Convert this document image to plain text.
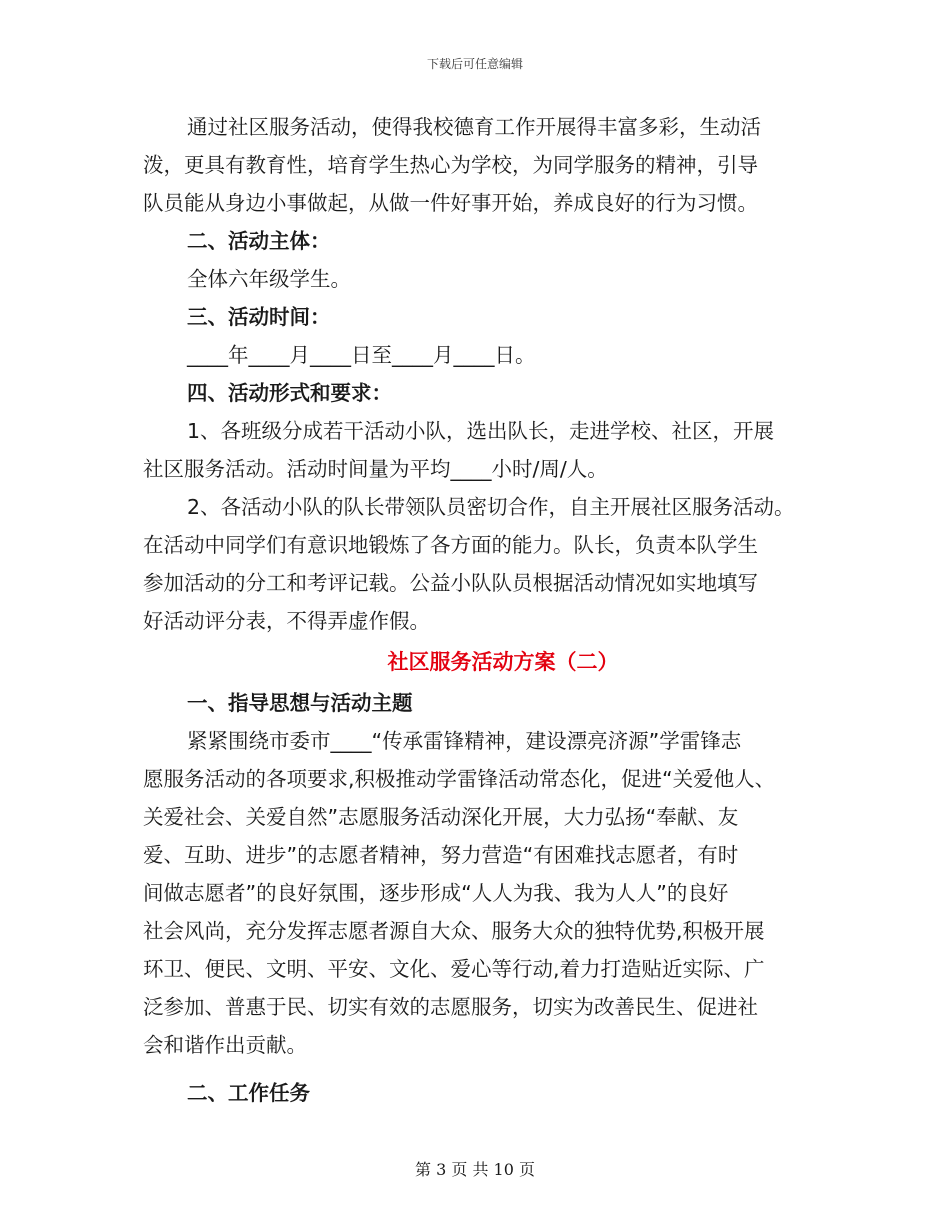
下载后可任意编辑
通过社区服务活动，使得我校德育工作开展得丰富多彩，生动活
泼，更具有教育性，培育学生热心为学校，为同学服务的精神，引导
队员能从身边小事做起，从做一件好事开始，养成良好的行为习惯。
二、活动主体：
全体六年级学生。
三、活动时间：
____年____月____日至____月____日。
四、活动形式和要求：
1、各班级分成若干活动小队，选出队长，走进学校、社区，开展
社区服务活动。活动时间量为平均____小时/周/人。
2、各活动小队的队长带领队员密切合作，自主开展社区服务活动。
在活动中同学们有意识地锻炼了各方面的能力。队长，负责本队学生
参加活动的分工和考评记载。公益小队队员根据活动情况如实地填写
好活动评分表，不得弄虚作假。
社区服务活动方案（二）
一、指导思想与活动主题
紧紧围绕市委市____“传承雷锋精神，建设漂亮济源”学雷锋志
愿服务活动的各项要求,积极推动学雷锋活动常态化，促进“关爱他人、
关爱社会、关爱自然”志愿服务活动深化开展，大力弘扬“奉献、友
爱、互助、进步”的志愿者精神，努力营造“有困难找志愿者，有时
间做志愿者”的良好氛围，逐步形成“人人为我、我为人人”的良好
社会风尚，充分发挥志愿者源自大众、服务大众的独特优势,积极开展
环卫、便民、文明、平安、文化、爱心等行动,着力打造贴近实际、广
泛参加、普惠于民、切实有效的志愿服务，切实为改善民生、促进社
会和谐作出贡献。
二、工作任务
第 3 页 共 10 页
